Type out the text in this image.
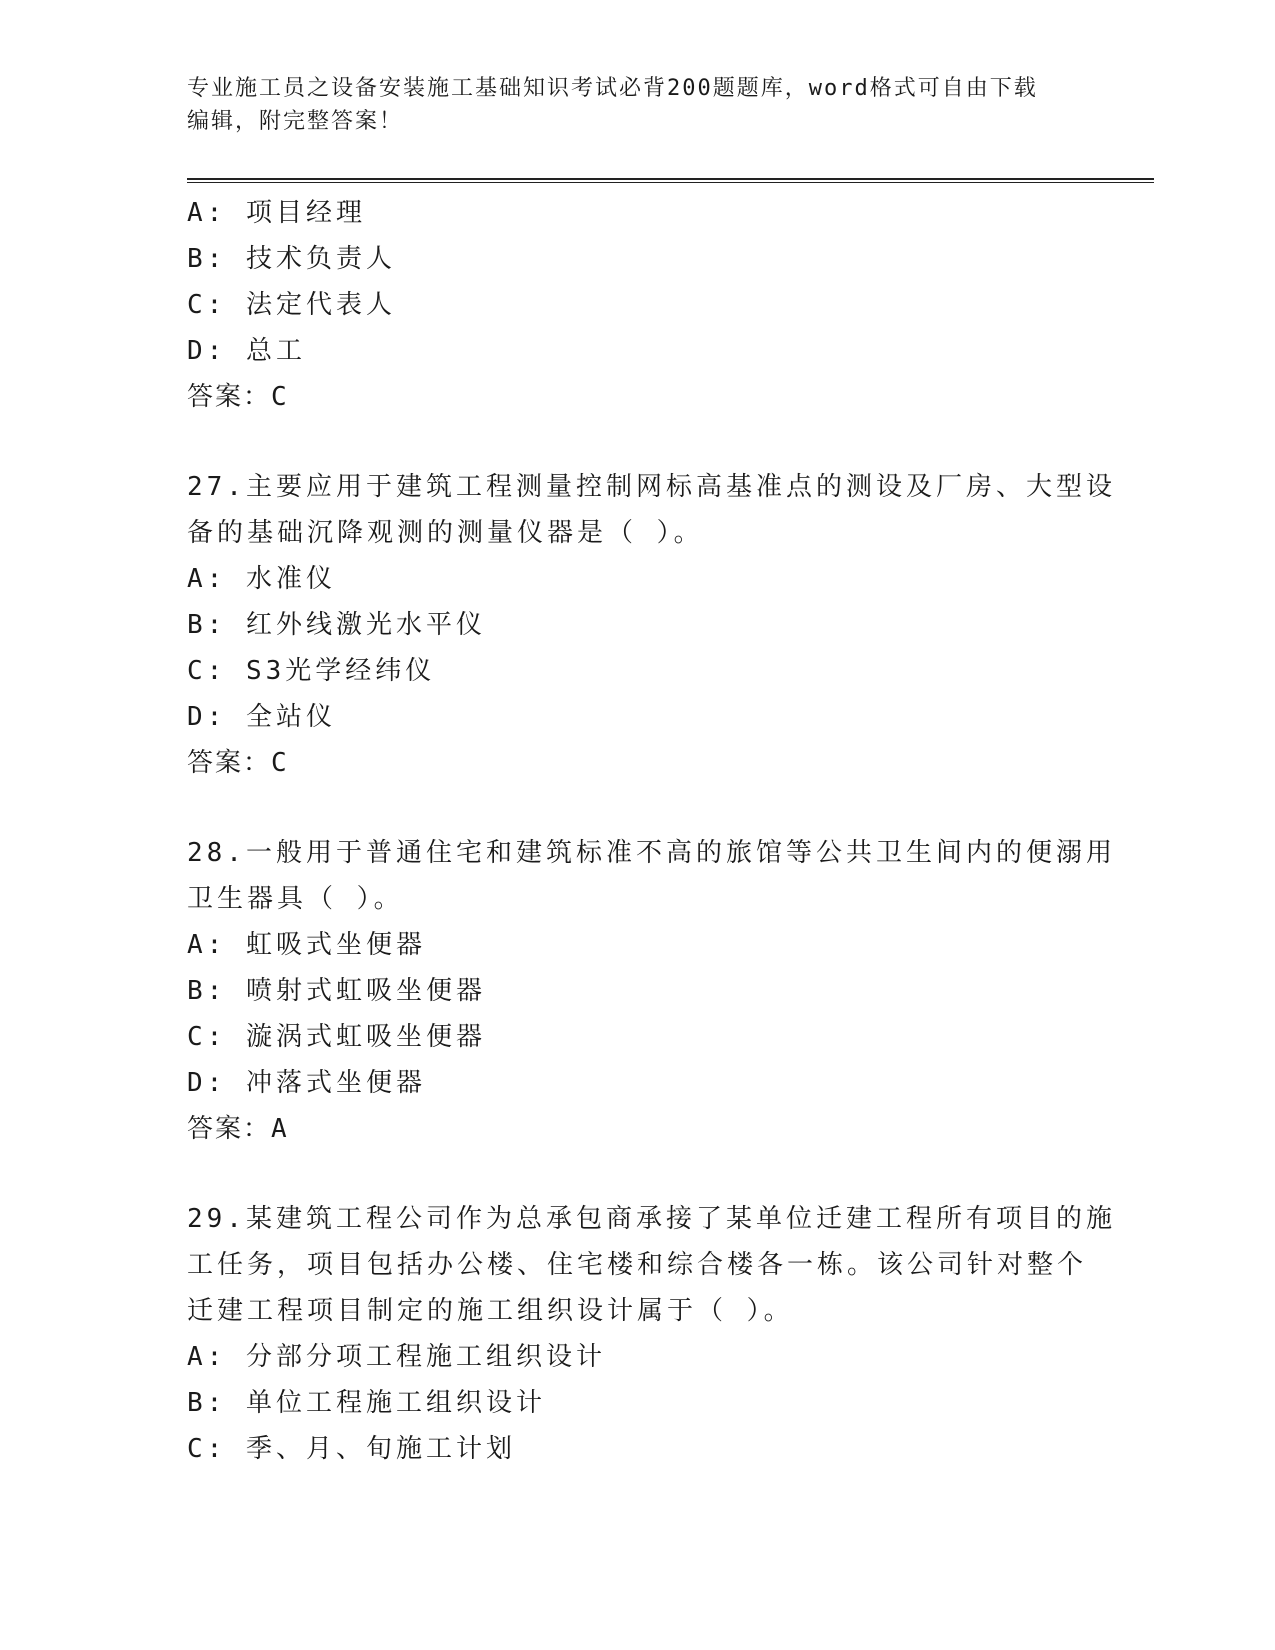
专业施工员之设备安装施工基础知识考试必背200题题库，word格式可自由下载
编辑，附完整答案！
A: 项目经理
B: 技术负责人
C: 法定代表人
D: 总工
答案：C
27.主要应用于建筑工程测量控制网标高基准点的测设及厂房、大型设
备的基础沉降观测的测量仪器是（ ）。
A: 水准仪
B: 红外线激光水平仪
C: S3光学经纬仪
D: 全站仪
答案：C
28.一般用于普通住宅和建筑标准不高的旅馆等公共卫生间内的便溺用
卫生器具（ ）。
A: 虹吸式坐便器
B: 喷射式虹吸坐便器
C: 漩涡式虹吸坐便器
D: 冲落式坐便器
答案：A
29.某建筑工程公司作为总承包商承接了某单位迁建工程所有项目的施
工任务，项目包括办公楼、住宅楼和综合楼各一栋。该公司针对整个
迁建工程项目制定的施工组织设计属于（ ）。
A: 分部分项工程施工组织设计
B: 单位工程施工组织设计
C: 季、月、旬施工计划
